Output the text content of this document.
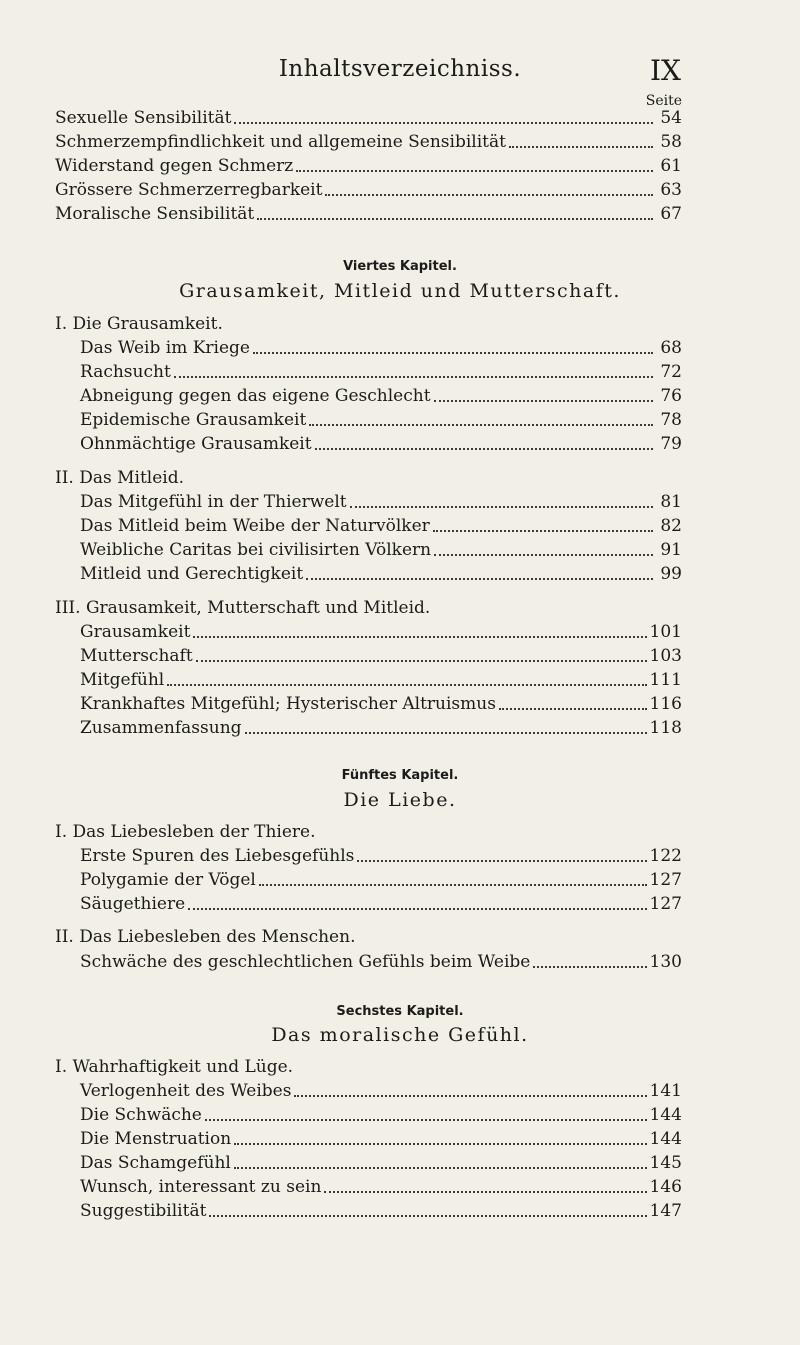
Inhaltsverzeichniss.	IX
Seite
Sexuelle Sensibilität	54
Schmerzempfindlichkeit und allgemeine Sensibilität	58
Widerstand gegen Schmerz	61
Grössere Schmerzerregbarkeit	63
Moralische Sensibilität	67
Viertes Kapitel.
Grausamkeit, Mitleid und Mutterschaft.
I. Die Grausamkeit.
Das Weib im Kriege	68
Rachsucht	72
Abneigung gegen das eigene Geschlecht	76
Epidemische Grausamkeit	78
Ohnmächtige Grausamkeit	79
II. Das Mitleid.
Das Mitgefühl in der Thierwelt	81
Das Mitleid beim Weibe der Naturvölker	82
Weibliche Caritas bei civilisirten Völkern	91
Mitleid und Gerechtigkeit	99
III. Grausamkeit, Mutterschaft und Mitleid.
Grausamkeit	101
Mutterschaft	103
Mitgefühl	111
Krankhaftes Mitgefühl; Hysterischer Altruismus	116
Zusammenfassung	118
Fünftes Kapitel.
Die Liebe.
I. Das Liebesleben der Thiere.
Erste Spuren des Liebesgefühls	122
Polygamie der Vögel	127
Säugethiere	127
II. Das Liebesleben des Menschen.
Schwäche des geschlechtlichen Gefühls beim Weibe	130
Sechstes Kapitel.
Das moralische Gefühl.
I. Wahrhaftigkeit und Lüge.
Verlogenheit des Weibes	141
Die Schwäche	144
Die Menstruation	144
Das Schamgefühl	145
Wunsch, interessant zu sein	146
Suggestibilität	147
